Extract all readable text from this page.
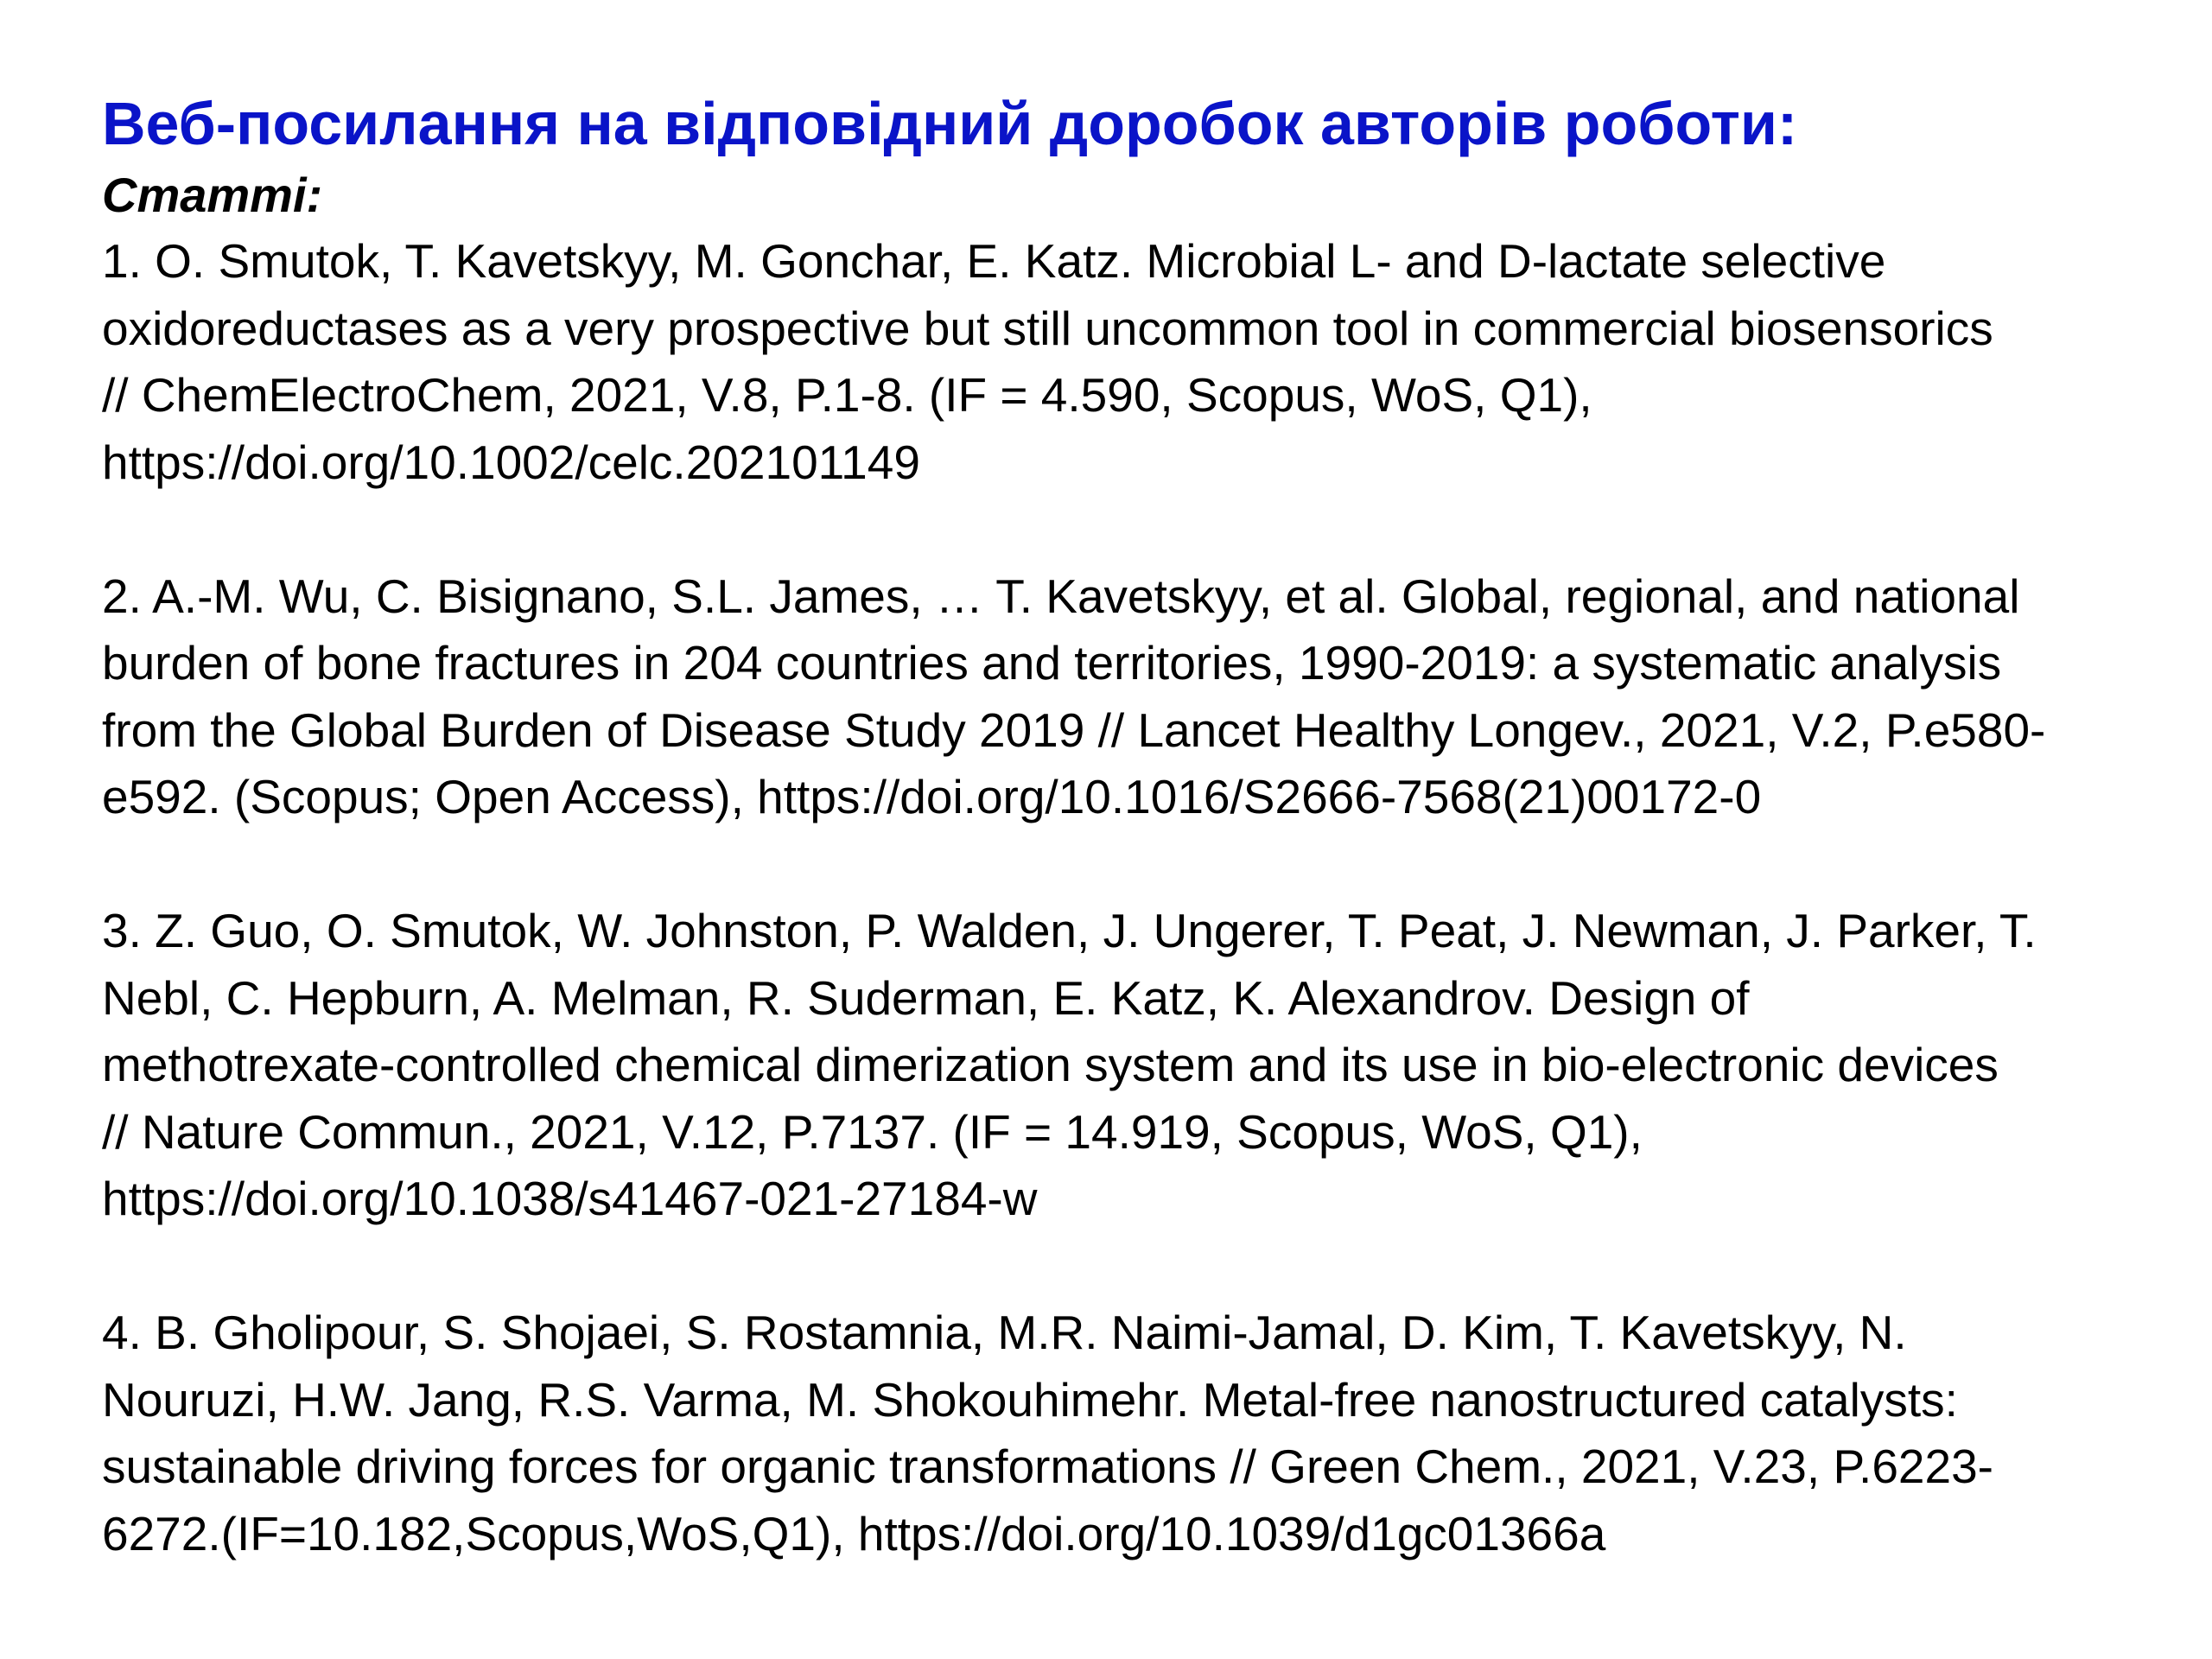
Веб-посилання на відповідний доробок авторів роботи:
Статті:
1. O. Smutok, T. Kavetskyy, M. Gonchar, E. Katz. Microbial L- and D-lactate selective
oxidoreductases as a very prospective but still uncommon tool in commercial biosensorics
// ChemElectroChem, 2021, V.8, P.1-8. (IF = 4.590, Scopus, WoS, Q1),
https://doi.org/10.1002/celc.202101149
2. A.-M. Wu, C. Bisignano, S.L. James, … T. Kavetskyy, et al. Global, regional, and national
burden of bone fractures in 204 countries and territories, 1990-2019: a systematic analysis
from the Global Burden of Disease Study 2019 // Lancet Healthy Longev., 2021, V.2, P.e580-
e592. (Scopus; Open Access), https://doi.org/10.1016/S2666-7568(21)00172-0
3. Z. Guo, O. Smutok, W. Johnston, P. Walden, J. Ungerer, T. Peat, J. Newman, J. Parker, T.
Nebl, C. Hepburn, A. Melman, R. Suderman, E. Katz, K. Alexandrov. Design of
methotrexate-controlled chemical dimerization system and its use in bio-electronic devices
// Nature Commun., 2021, V.12, P.7137. (IF = 14.919, Scopus, WoS, Q1),
https://doi.org/10.1038/s41467-021-27184-w
4. B. Gholipour, S. Shojaei, S. Rostamnia, M.R. Naimi-Jamal, D. Kim, T. Kavetskyy, N.
Nouruzi, H.W. Jang, R.S. Varma, M. Shokouhimehr. Metal-free nanostructured catalysts:
sustainable driving forces for organic transformations // Green Chem., 2021, V.23, P.6223-
6272.(IF=10.182,Scopus,WoS,Q1), https://doi.org/10.1039/d1gc01366a
